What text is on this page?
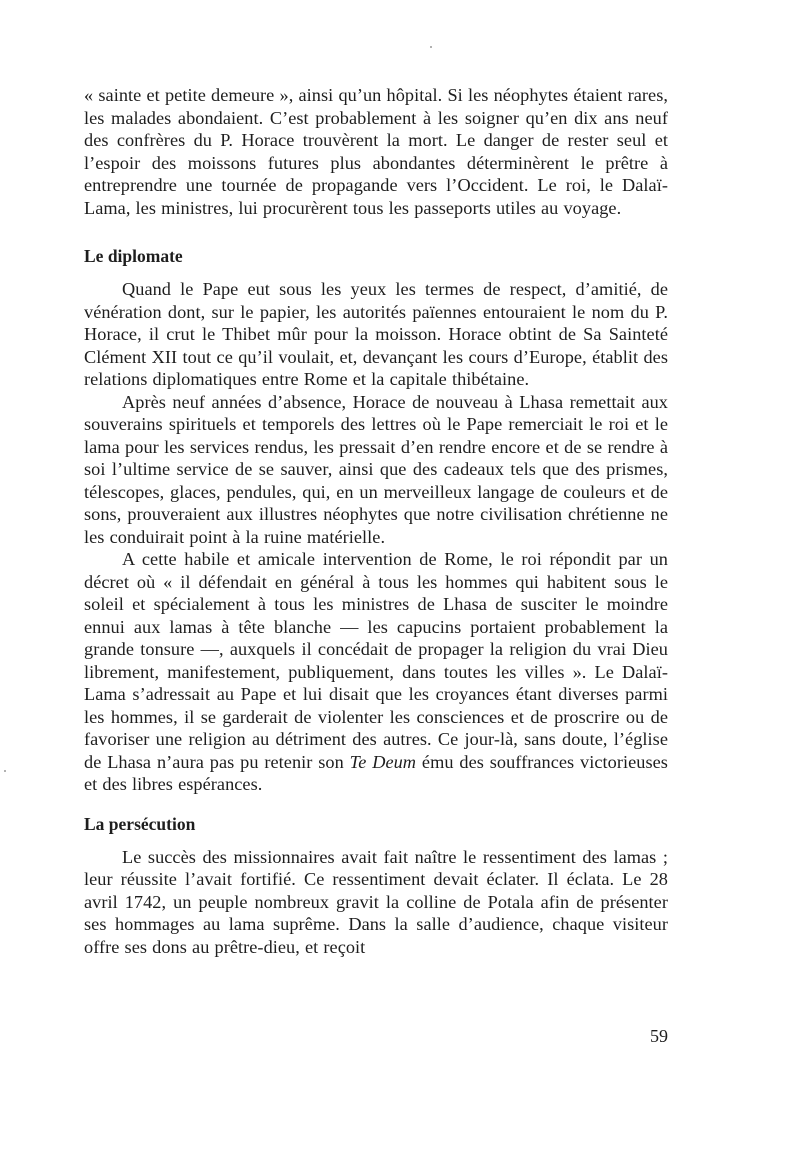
« sainte et petite demeure », ainsi qu’un hôpital. Si les néophytes étaient rares, les malades abondaient. C’est probablement à les soigner qu’en dix ans neuf des confrères du P. Horace trouvèrent la mort. Le danger de rester seul et l’espoir des moissons futures plus abondantes déterminèrent le prêtre à entreprendre une tournée de propagande vers l’Occident. Le roi, le Dalaï-Lama, les ministres, lui procurèrent tous les passeports utiles au voyage.

Le diplomate

Quand le Pape eut sous les yeux les termes de respect, d’amitié, de vénération dont, sur le papier, les autorités païennes entouraient le nom du P. Horace, il crut le Thibet mûr pour la moisson. Horace obtint de Sa Sainteté Clément XII tout ce qu’il voulait, et, devançant les cours d’Europe, établit des relations diplomatiques entre Rome et la capitale thibétaine.

Après neuf années d’absence, Horace de nouveau à Lhasa remettait aux souverains spirituels et temporels des lettres où le Pape remerciait le roi et le lama pour les services rendus, les pressait d’en rendre encore et de se rendre à soi l’ultime service de se sauver, ainsi que des cadeaux tels que des prismes, télescopes, glaces, pendules, qui, en un merveilleux langage de couleurs et de sons, prouveraient aux illustres néophytes que notre civilisation chrétienne ne les conduirait point à la ruine matérielle.

A cette habile et amicale intervention de Rome, le roi répondit par un décret où « il défendait en général à tous les hommes qui habitent sous le soleil et spécialement à tous les ministres de Lhasa de susciter le moindre ennui aux lamas à tête blanche — les capucins portaient probablement la grande tonsure —, auxquels il concédait de propager la religion du vrai Dieu librement, manifestement, publiquement, dans toutes les villes ». Le Dalaï-Lama s’adressait au Pape et lui disait que les croyances étant diverses parmi les hommes, il se garderait de violenter les consciences et de proscrire ou de favoriser une religion au détriment des autres. Ce jour-là, sans doute, l’église de Lhasa n’aura pas pu retenir son Te Deum ému des souffrances victorieuses et des libres espérances.

La persécution

Le succès des missionnaires avait fait naître le ressentiment des lamas ; leur réussite l’avait fortifié. Ce ressentiment devait éclater. Il éclata. Le 28 avril 1742, un peuple nombreux gravit la colline de Potala afin de présenter ses hommages au lama suprême. Dans la salle d’audience, chaque visiteur offre ses dons au prêtre-dieu, et reçoit

59
